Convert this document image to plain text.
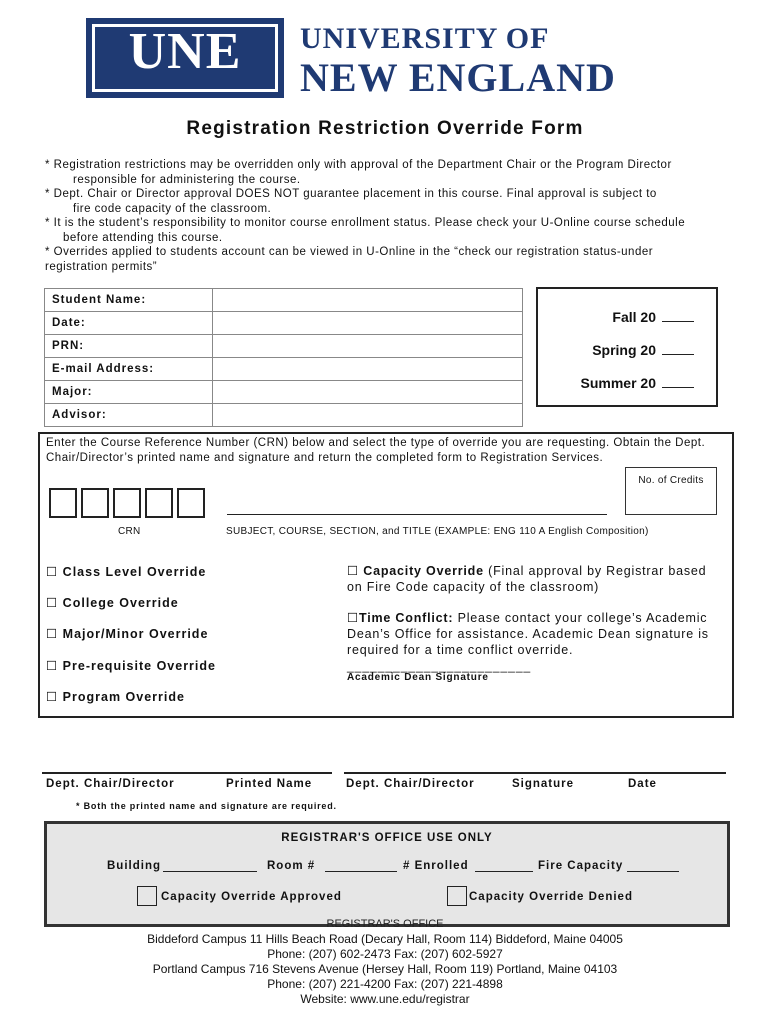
UNE	UNIVERSITY OF
NEW ENGLAND
Registration Restriction Override Form

* Registration restrictions may be overridden only with approval of the Department Chair or the Program Director

responsible for administering the course.

* Dept. Chair or Director approval DOES NOT guarantee placement in this course. Final approval is subject to

fire code capacity of the classroom.

* It is the student’s responsibility to monitor course enrollment status. Please check your U-Online course schedule

before attending this course.

* Overrides applied to students account can be viewed in U-Online in the “check our registration status-under

registration permits”

Student Name:	
Date:	
PRN:	
E-mail Address:	
Major:	
Advisor:	
Fall 20
Spring 20
Summer 20
Enter the Course Reference Number (CRN) below and select the type of override you are requesting. Obtain the Dept.
Chair/Director’s printed name and signature and return the completed form to Registration Services.
No. of Credits
CRN	SUBJECT, COURSE, SECTION, and TITLE (EXAMPLE: ENG 110 A English Composition)
☐ Class Level Override
☐ College Override
☐ Major/Minor Override
☐ Pre-requisite Override
☐ Program Override
☐ Capacity Override (Final approval by Registrar based on Fire Code capacity of the classroom)
☐Time Conflict: Please contact your college’s Academic Dean’s Office for assistance. Academic Dean signature is required for a time conflict override.
________________________
Academic Dean Signature
Dept. Chair/Director	Printed Name	Dept. Chair/Director	Signature	Date
* Both the printed name and signature are required.
REGISTRAR'S OFFICE USE ONLY
Building	Room #	# Enrolled	Fire Capacity
Capacity Override Approved	Capacity Override Denied
REGISTRAR'S OFFICE
Biddeford Campus 11 Hills Beach Road (Decary Hall, Room 114) Biddeford, Maine 04005
Phone: (207) 602-2473 Fax: (207) 602-5927
Portland Campus 716 Stevens Avenue (Hersey Hall, Room 119) Portland, Maine 04103
Phone: (207) 221-4200 Fax: (207) 221-4898
Website: www.une.edu/registrar
